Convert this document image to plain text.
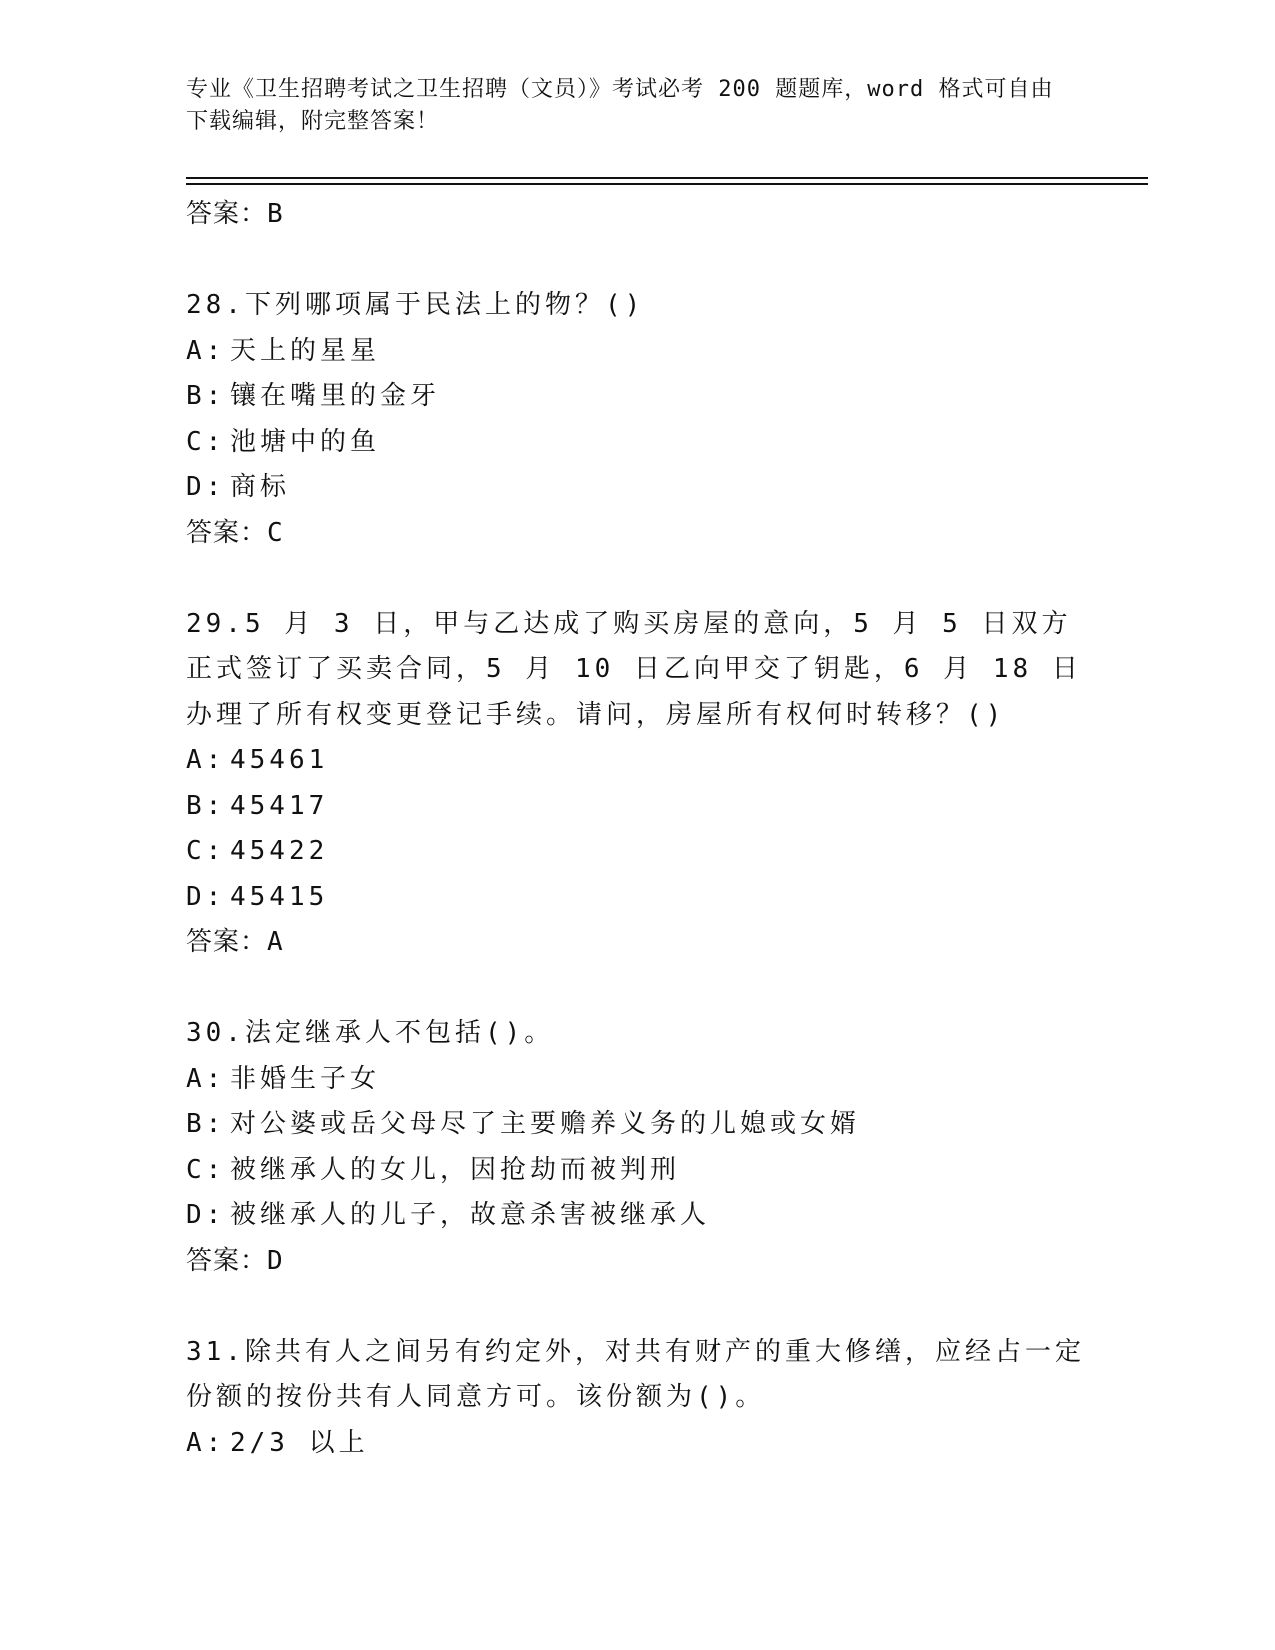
专业《卫生招聘考试之卫生招聘（文员）》考试必考 200 题题库，word 格式可自由下载编辑，附完整答案！
答案：B
28.下列哪项属于民法上的物？()
A: 天上的星星
B: 镶在嘴里的金牙
C: 池塘中的鱼
D: 商标
答案：C
29.5 月 3 日，甲与乙达成了购买房屋的意向，5 月 5 日双方正式签订了买卖合同，5 月 10 日乙向甲交了钥匙，6 月 18 日办理了所有权变更登记手续。请问，房屋所有权何时转移？()
A: 45461
B: 45417
C: 45422
D: 45415
答案：A
30.法定继承人不包括()。
A: 非婚生子女
B: 对公婆或岳父母尽了主要赡养义务的儿媳或女婿
C: 被继承人的女儿，因抢劫而被判刑
D: 被继承人的儿子，故意杀害被继承人
答案：D
31.除共有人之间另有约定外，对共有财产的重大修缮，应经占一定份额的按份共有人同意方可。该份额为()。
A: 2/3 以上
